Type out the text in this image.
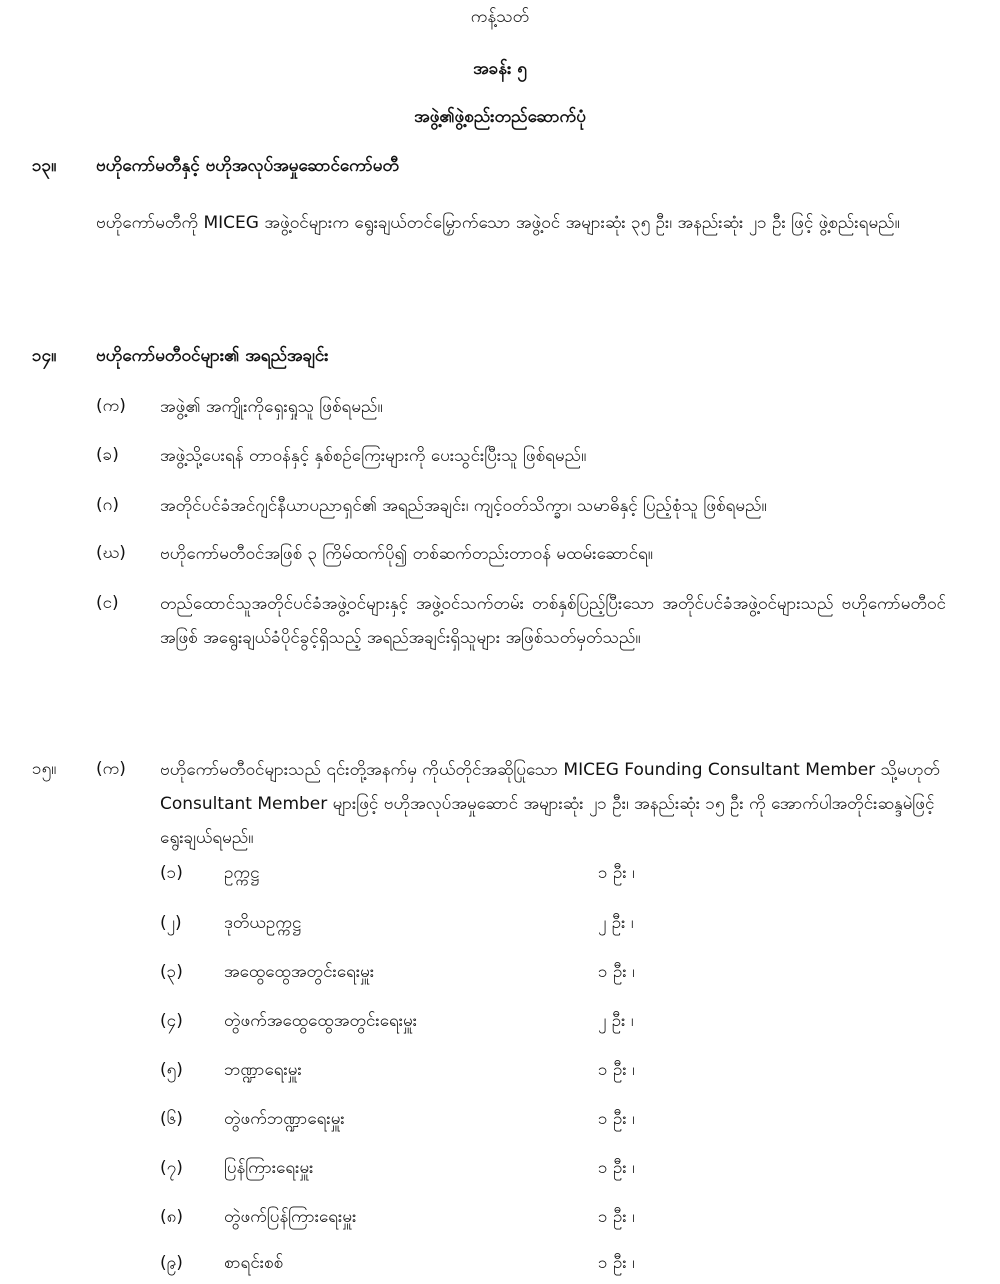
ကန့်သတ်
အခန်း ၅
အဖွဲ့၏ဖွဲ့စည်းတည်ဆောက်ပုံ
၁၃။ ဗဟိုကော်မတီနှင့် ဗဟိုအလုပ်အမှုဆောင်ကော်မတီ
ဗဟိုကော်မတီကို MICEG အဖွဲ့ဝင်များက ရွေးချယ်တင်မြှောက်သော အဖွဲ့ဝင် အများဆုံး ၃၅ ဦး၊ အနည်းဆုံး ၂၁ ဦး ဖြင့် ဖွဲ့စည်းရမည်။
၁၄။ ဗဟိုကော်မတီဝင်များ၏ အရည်အချင်း
(က) အဖွဲ့၏ အကျိုးကိုရှေးရှုသူ ဖြစ်ရမည်။
(ခ) အဖွဲ့သို့ပေးရန် တာဝန်နှင့် နှစ်စဉ်ကြေးများကို ပေးသွင်းပြီးသူ ဖြစ်ရမည်။
(ဂ) အတိုင်ပင်ခံအင်ဂျင်နီယာပညာရှင်၏ အရည်အချင်း၊ ကျင့်ဝတ်သိက္ခာ၊ သမာဓိနှင့် ပြည့်စုံသူ ဖြစ်ရမည်။
(ဃ) ဗဟိုကော်မတီဝင်အဖြစ် ၃ ကြိမ်ထက်ပို၍ တစ်ဆက်တည်းတာဝန် မထမ်းဆောင်ရ။
(င) တည်ထောင်သူအတိုင်ပင်ခံအဖွဲ့ဝင်များနှင့် အဖွဲ့ဝင်သက်တမ်း တစ်နှစ်ပြည့်ပြီးသော အတိုင်ပင်ခံအဖွဲ့ဝင်များသည် ဗဟိုကော်မတီဝင်အဖြစ် အရွေးချယ်ခံပိုင်ခွင့်ရှိသည့် အရည်အချင်းရှိသူများ အဖြစ်သတ်မှတ်သည်။
၁၅။ (က) ဗဟိုကော်မတီဝင်များသည် ၎င်းတို့အနက်မှ ကိုယ်တိုင်အဆိုပြုသော MICEG Founding Consultant Member သို့မဟုတ် Consultant Member များဖြင့် ဗဟိုအလုပ်အမှုဆောင် အများဆုံး ၂၁ ဦး၊ အနည်းဆုံး ၁၅ ဦး ကို အောက်ပါအတိုင်းဆန္ဒမဲဖြင့် ရွေးချယ်ရမည်။
(၁) ဥက္ကဋ္ဌ	၁ ဦး ၊
(၂) ဒုတိယဥက္ကဋ္ဌ	၂ ဦး ၊
(၃) အထွေထွေအတွင်းရေးမှူး	၁ ဦး ၊
(၄) တွဲဖက်အထွေထွေအတွင်းရေးမှူး	၂ ဦး ၊
(၅) ဘဏ္ဍာရေးမှူး	၁ ဦး ၊
(၆) တွဲဖက်ဘဏ္ဍာရေးမှူး	၁ ဦး ၊
(၇) ပြန်ကြားရေးမှူး	၁ ဦး ၊
(၈) တွဲဖက်ပြန်ကြားရေးမှူး	၁ ဦး ၊
(၉) စာရင်းစစ်	၁ ဦး ၊
